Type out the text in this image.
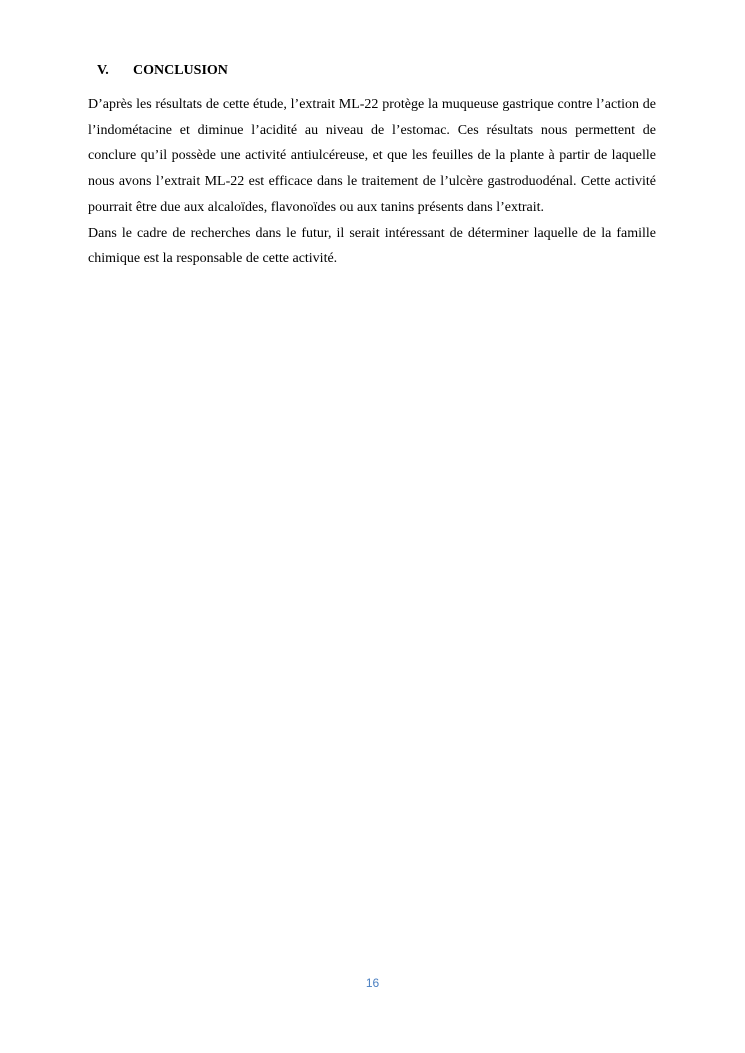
V. CONCLUSION

D’après les résultats de cette étude, l’extrait ML-22 protège la muqueuse gastrique contre l’action de l’indométacine et diminue l’acidité au niveau de l’estomac. Ces résultats nous permettent de conclure qu’il possède une activité antiulcéreuse, et que les feuilles de la plante à partir de laquelle nous avons l’extrait ML-22 est efficace dans le traitement de l’ulcère gastroduodénal. Cette activité pourrait être due aux alcaloïdes, flavonoïdes ou aux tanins présents dans l’extrait.

Dans le cadre de recherches dans le futur, il serait intéressant de déterminer laquelle de la famille chimique est la responsable de cette activité.

16
